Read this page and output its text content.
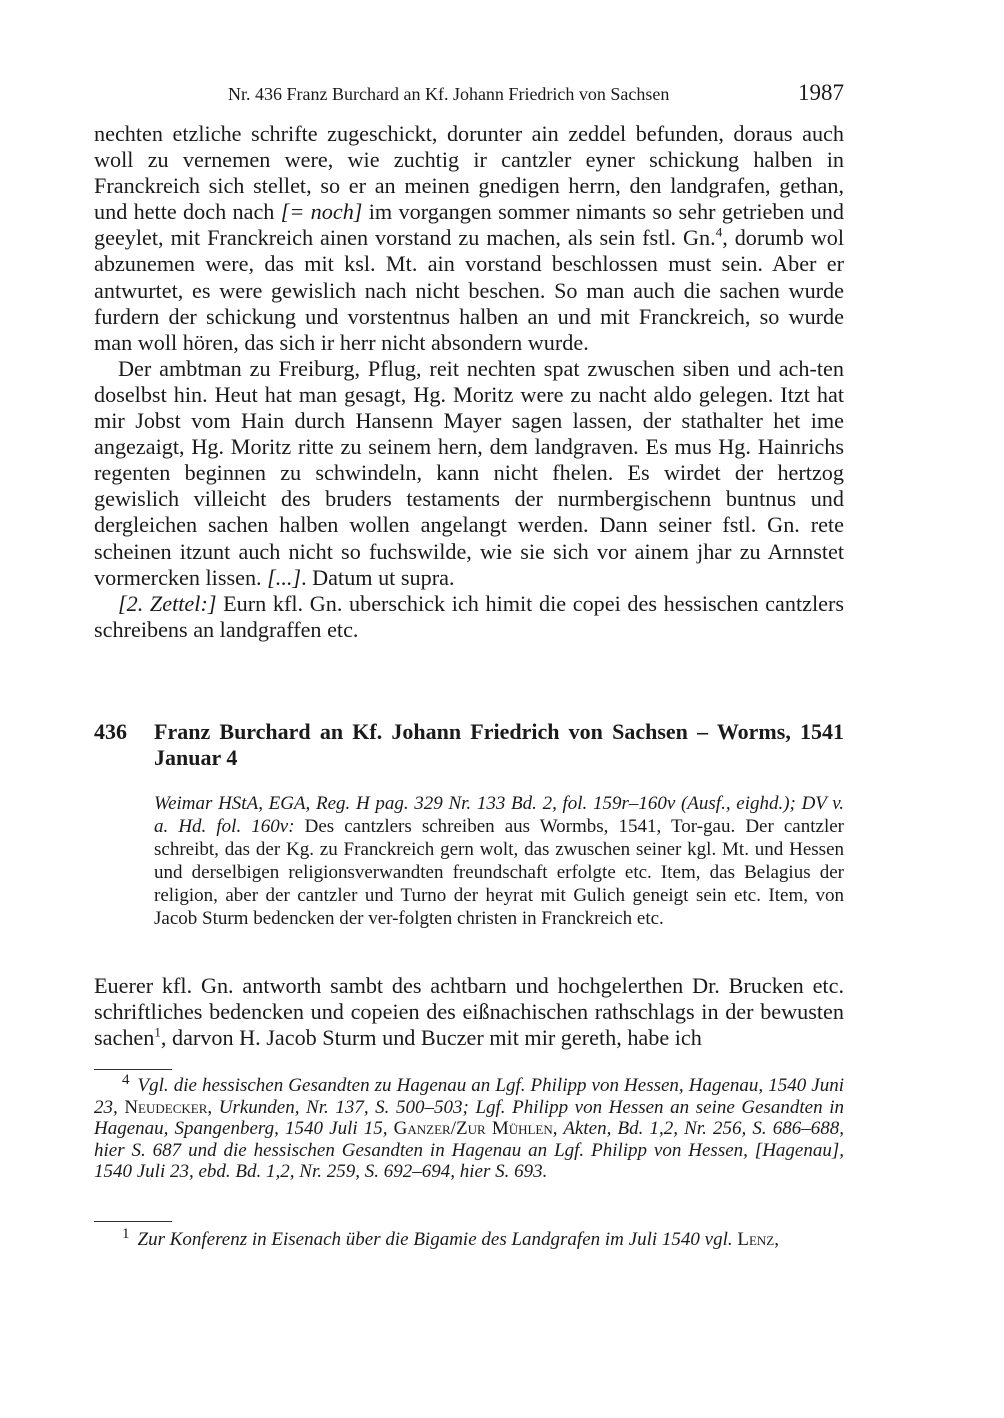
Nr. 436 Franz Burchard an Kf. Johann Friedrich von Sachsen	1987

nechten etzliche schrifte zugeschickt, dorunter ain zeddel befunden, doraus auch woll zu vernemen were, wie zuchtig ir cantzler eyner schickung halben in Franckreich sich stellet, so er an meinen gnedigen herrn, den landgrafen, gethan, und hette doch nach [= noch] im vorgangen sommer nimants so sehr getrieben und geeylet, mit Franckreich ainen vorstand zu machen, als sein fstl. Gn.$^4$, dorumb wol abzunemen were, das mit ksl. Mt. ain vorstand beschlossen must sein. Aber er antwurtet, es were gewislich nach nicht beschen. So man auch die sachen wurde furdern der schickung und vorstentnus halben an und mit Franckreich, so wurde man woll hören, das sich ir herr nicht absondern wurde.

Der ambtman zu Freiburg, Pflug, reit nechten spat zwuschen siben und ach-ten doselbst hin. Heut hat man gesagt, Hg. Moritz were zu nacht aldo gelegen. Itzt hat mir Jobst vom Hain durch Hansenn Mayer sagen lassen, der stathalter het ime angezaigt, Hg. Moritz ritte zu seinem hern, dem landgraven. Es mus Hg. Hainrichs regenten beginnen zu schwindeln, kann nicht fhelen. Es wirdet der hertzog gewislich villeicht des bruders testaments der nurmbergischenn buntnus und dergleichen sachen halben wollen angelangt werden. Dann seiner fstl. Gn. rete scheinen itzunt auch nicht so fuchswilde, wie sie sich vor ainem jhar zu Arnnstet vormercken lissen. [...]. Datum ut supra.

[2. Zettel:] Eurn kfl. Gn. uberschick ich himit die copei des hessischen cantzlers schreibens an landgraffen etc.

436 Franz Burchard an Kf. Johann Friedrich von Sachsen – Worms, 1541 Januar 4
Weimar HStA, EGA, Reg. H pag. 329 Nr. 133 Bd. 2, fol. 159r–160v (Ausf., eighd.); DV v. a. Hd. fol. 160v: Des cantzlers schreiben aus Wormbs, 1541, Tor-gau. Der cantzler schreibt, das der Kg. zu Franckreich gern wolt, das zwuschen seiner kgl. Mt. und Hessen und derselbigen religionsverwandten freundschaft erfolgte etc. Item, das Belagius der religion, aber der cantzler und Turno der heyrat mit Gulich geneigt sein etc. Item, von Jacob Sturm bedencken der ver-folgten christen in Franckreich etc.

Euerer kfl. Gn. antworth sambt des achtbarn und hochgelerthen Dr. Brucken etc. schriftliches bedencken und copeien des eißnachischen rathschlags in der bewusten sachen$^1$, darvon H. Jacob Sturm und Buczer mit mir gereth, habe ich

$^4$ Vgl. die hessischen Gesandten zu Hagenau an Lgf. Philipp von Hessen, Hagenau, 1540 Juni 23, Neudecker, Urkunden, Nr. 137, S. 500–503; Lgf. Philipp von Hessen an seine Gesandten in Hagenau, Spangenberg, 1540 Juli 15, Ganzer/Zur Mühlen, Akten, Bd. 1,2, Nr. 256, S. 686–688, hier S. 687 und die hessischen Gesandten in Hagenau an Lgf. Philipp von Hessen, [Hagenau], 1540 Juli 23, ebd. Bd. 1,2, Nr. 259, S. 692–694, hier S. 693.
$^1$ Zur Konferenz in Eisenach über die Bigamie des Landgrafen im Juli 1540 vgl. Lenz,
